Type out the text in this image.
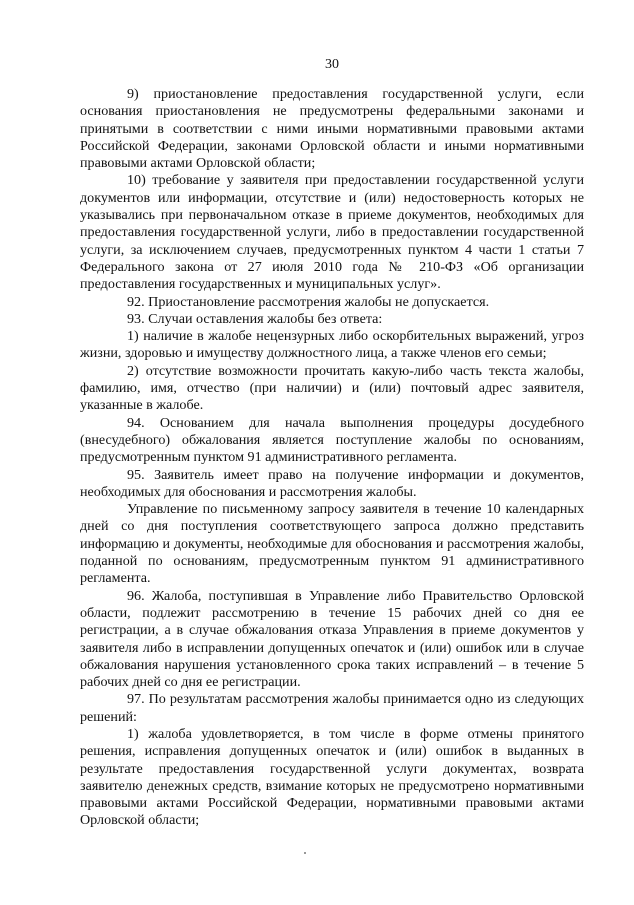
30

9) приостановление предоставления государственной услуги, если основания приостановления не предусмотрены федеральными законами и принятыми в соответствии с ними иными нормативными правовыми актами Российской Федерации, законами Орловской области и иными нормативными правовыми актами Орловской области;

10) требование у заявителя при предоставлении государственной услуги документов или информации, отсутствие и (или) недостоверность которых не указывались при первоначальном отказе в приеме документов, необходимых для предоставления государственной услуги, либо в предоставлении государственной услуги, за исключением случаев, предусмотренных пунктом 4 части 1 статьи 7 Федерального закона от 27 июля 2010 года № 210-ФЗ «Об организации предоставления государственных и муниципальных услуг».

92. Приостановление рассмотрения жалобы не допускается.

93. Случаи оставления жалобы без ответа:

1) наличие в жалобе нецензурных либо оскорбительных выражений, угроз жизни, здоровью и имуществу должностного лица, а также членов его семьи;

2) отсутствие возможности прочитать какую-либо часть текста жалобы, фамилию, имя, отчество (при наличии) и (или) почтовый адрес заявителя, указанные в жалобе.

94. Основанием для начала выполнения процедуры досудебного (внесудебного) обжалования является поступление жалобы по основаниям, предусмотренным пунктом 91 административного регламента.

95. Заявитель имеет право на получение информации и документов, необходимых для обоснования и рассмотрения жалобы.

Управление по письменному запросу заявителя в течение 10 календарных дней со дня поступления соответствующего запроса должно представить информацию и документы, необходимые для обоснования и рассмотрения жалобы, поданной по основаниям, предусмотренным пунктом 91 административного регламента.

96. Жалоба, поступившая в Управление либо Правительство Орловской области, подлежит рассмотрению в течение 15 рабочих дней со дня ее регистрации, а в случае обжалования отказа Управления в приеме документов у заявителя либо в исправлении допущенных опечаток и (или) ошибок или в случае обжалования нарушения установленного срока таких исправлений – в течение 5 рабочих дней со дня ее регистрации.

97. По результатам рассмотрения жалобы принимается одно из следующих решений:

1) жалоба удовлетворяется, в том числе в форме отмены принятого решения, исправления допущенных опечаток и (или) ошибок в выданных в результате предоставления государственной услуги документах, возврата заявителю денежных средств, взимание которых не предусмотрено нормативными правовыми актами Российской Федерации, нормативными правовыми актами Орловской области;
